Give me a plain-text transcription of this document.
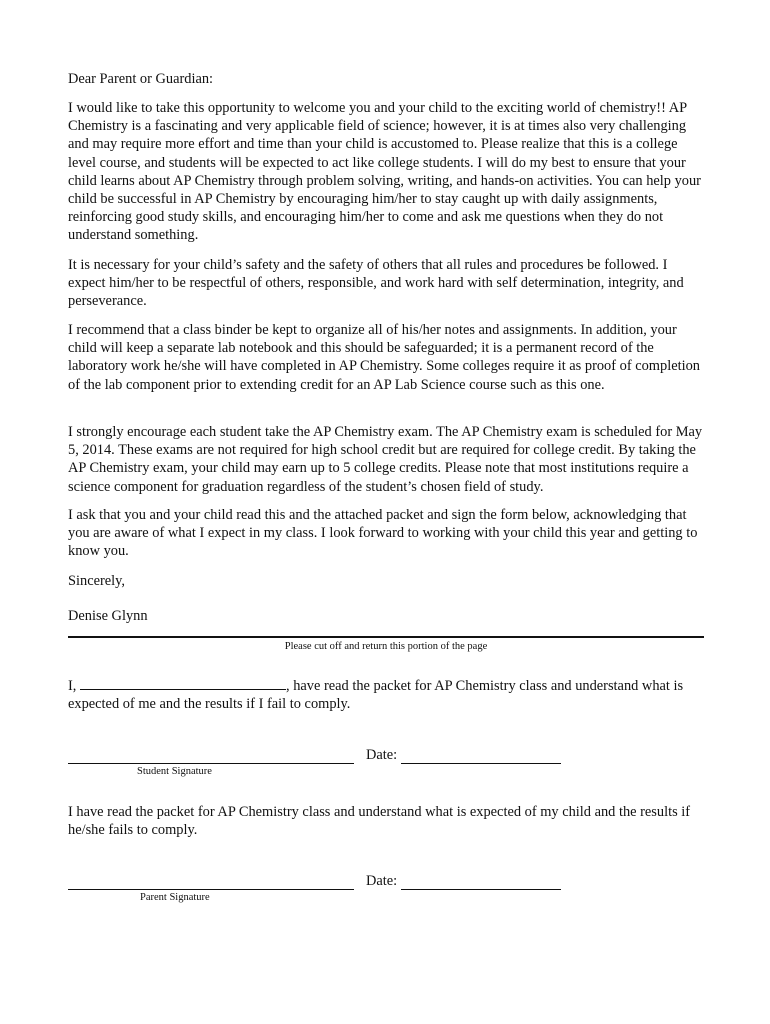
Dear Parent or Guardian:

I would like to take this opportunity to welcome you and your child to the exciting world of chemistry!! AP Chemistry is a fascinating and very applicable field of science; however, it is at times also very challenging and may require more effort and time than your child is accustomed to. Please realize that this is a college level course, and students will be expected to act like college students. I will do my best to ensure that your child learns about AP Chemistry through problem solving, writing, and hands-on activities. You can help your child be successful in AP Chemistry by encouraging him/her to stay caught up with daily assignments, reinforcing good study skills, and encouraging him/her to come and ask me questions when they do not understand something.

It is necessary for your child’s safety and the safety of others that all rules and procedures be followed. I expect him/her to be respectful of others, responsible, and work hard with self determination, integrity, and perseverance.

I recommend that a class binder be kept to organize all of his/her notes and assignments. In addition, your child will keep a separate lab notebook and this should be safeguarded; it is a permanent record of the laboratory work he/she will have completed in AP Chemistry. Some colleges require it as proof of completion of the lab component prior to extending credit for an AP Lab Science course such as this one.

I strongly encourage each student take the AP Chemistry exam. The AP Chemistry exam is scheduled for May 5, 2014. These exams are not required for high school credit but are required for college credit. By taking the AP Chemistry exam, your child may earn up to 5 college credits. Please note that most institutions require a science component for graduation regardless of the student’s chosen field of study.

I ask that you and your child read this and the attached packet and sign the form below, acknowledging that you are aware of what I expect in my class. I look forward to working with your child this year and getting to know you.

Sincerely,

Denise Glynn

Please cut off and return this portion of the page
I,	, have read the packet for AP Chemistry class and understand what is expected of me and the results if I fail to comply.
Date:
Student Signature
I have read the packet for AP Chemistry class and understand what is expected of my child and the results if he/she fails to comply.
Date:
Parent Signature
